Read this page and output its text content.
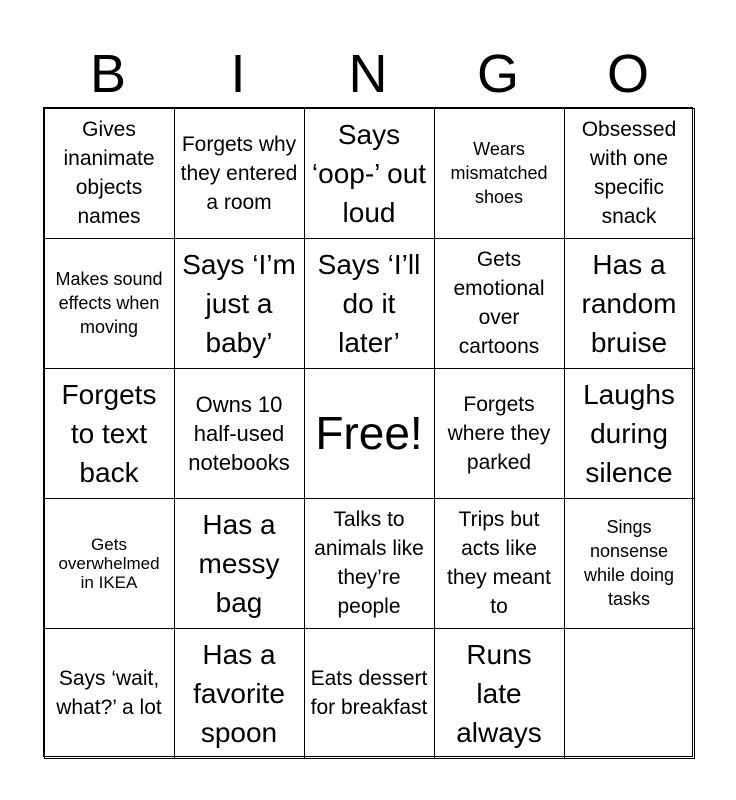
B	I	N	G	O
Gives inanimate objects names
Forgets why they entered a room
Says ‘oop-’ out loud
Wears mismatched shoes
Obsessed with one specific snack
Makes sound effects when moving
Says ‘I’m just a baby’
Says ‘I’ll do it later’
Gets emotional over cartoons
Has a random bruise
Forgets to text back
Owns 10 half-used notebooks
Free!
Forgets where they parked
Laughs during silence
Gets overwhelmed in IKEA
Has a messy bag
Talks to animals like they’re people
Trips but acts like they meant to
Sings nonsense while doing tasks
Says ‘wait, what?’ a lot
Has a favorite spoon
Eats dessert for breakfast
Runs late always
